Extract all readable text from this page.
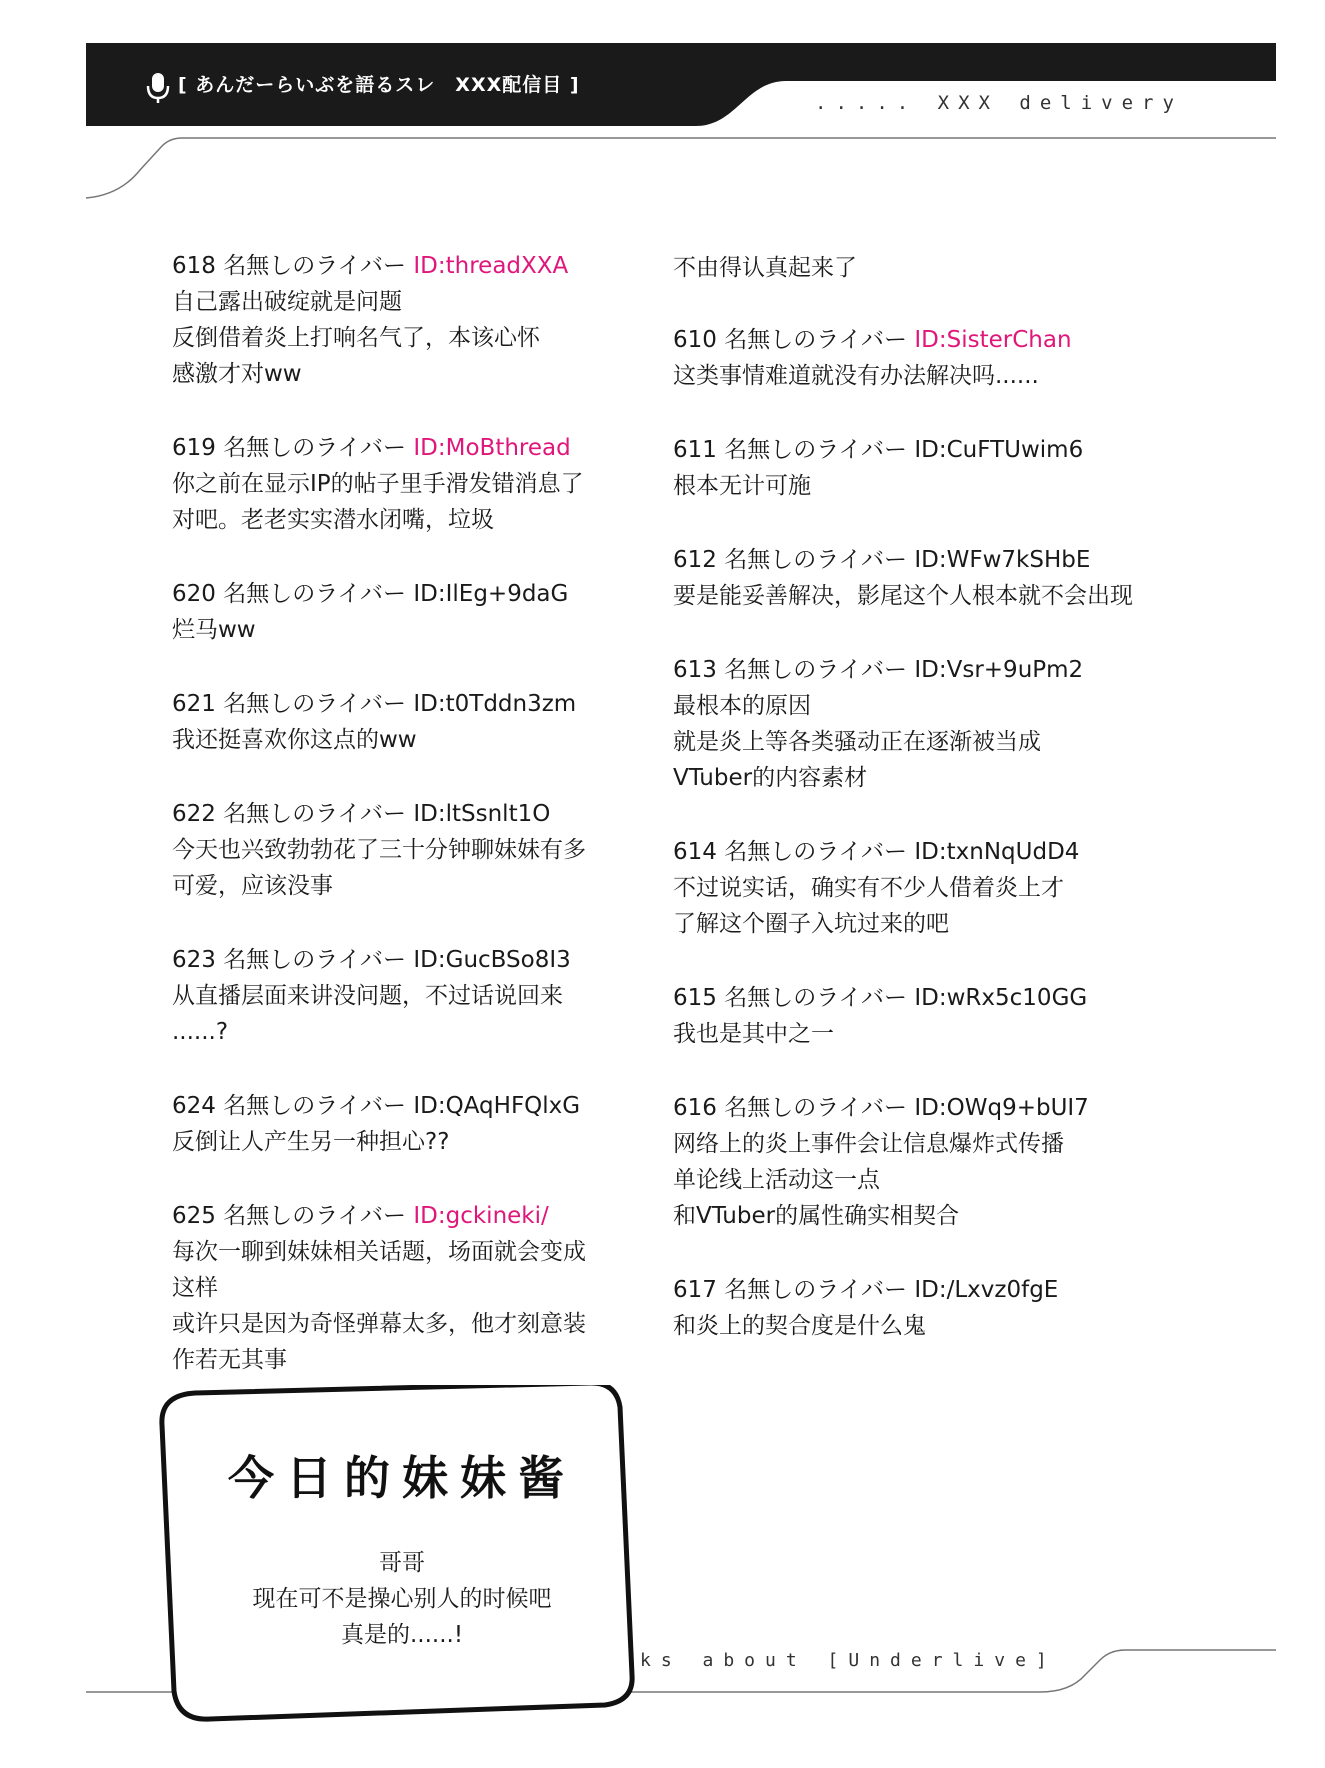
[ あんだーらいぶを語るスレ　XXX配信目 ]
..... XXX delivery
618 名無しのライバー ID:threadXXA
自己露出破绽就是问题
反倒借着炎上打响名气了，本该心怀
感激才对ww
619 名無しのライバー ID:MoBthread
你之前在显示IP的帖子里手滑发错消息了
对吧。老老实实潜水闭嘴，垃圾
620 名無しのライバー ID:IlEg+9daG
烂马ww
621 名無しのライバー ID:t0Tddn3zm
我还挺喜欢你这点的ww
622 名無しのライバー ID:ltSsnlt1O
今天也兴致勃勃花了三十分钟聊妹妹有多
可爱，应该没事
623 名無しのライバー ID:GucBSo8I3
从直播层面来讲没问题，不过话说回来
......?
624 名無しのライバー ID:QAqHFQlxG
反倒让人产生另一种担心??
625 名無しのライバー ID:gckineki/
每次一聊到妹妹相关话题，场面就会变成
这样
或许只是因为奇怪弹幕太多，他才刻意装
作若无其事
不由得认真起来了
610 名無しのライバー ID:SisterChan
这类事情难道就没有办法解决吗......
611 名無しのライバー ID:CuFTUwim6
根本无计可施
612 名無しのライバー ID:WFw7kSHbE
要是能妥善解决，影尾这个人根本就不会出现
613 名無しのライバー ID:Vsr+9uPm2
最根本的原因
就是炎上等各类骚动正在逐渐被当成
VTuber的内容素材
614 名無しのライバー ID:txnNqUdD4
不过说实话，确实有不少人借着炎上才
了解这个圈子入坑过来的吧
615 名無しのライバー ID:wRx5c10GG
我也是其中之一
616 名無しのライバー ID:OWq9+bUI7
网络上的炎上事件会让信息爆炸式传播
单论线上活动这一点
和VTuber的属性确实相契合
617 名無しのライバー ID:/Lxvz0fgE
和炎上的契合度是什么鬼
ks about [Underlive]
今日的妹妹酱
哥哥
现在可不是操心别人的时候吧
真是的......!
